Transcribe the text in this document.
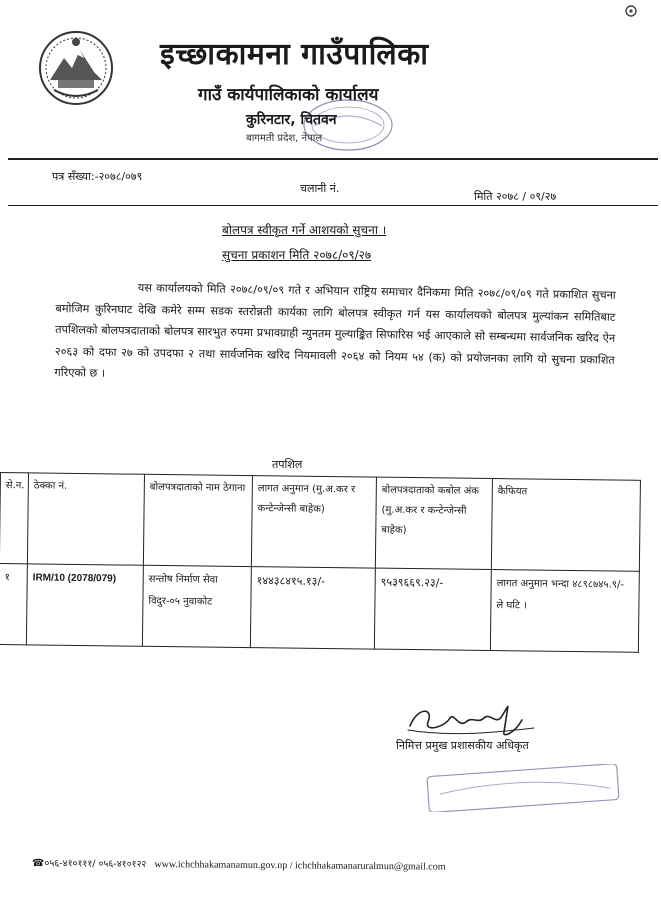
इच्छाकामना गाउँपालिका
गाउँ कार्यपालिकाको कार्यालय
कुरिनटार, चितवन
बागमती प्रदेश, नेपाल
पत्र सँख्या:-२०७८/०७९
चलानी नं.
मिति २०७८ / ०९/२७
बोलपत्र स्वीकृत गर्ने आशयको सुचना ।
सुचना प्रकाशन मिति २०७८/०९/२७
यस कार्यालयको मिति २०७८/०९/०९ गते र अभियान राष्ट्रिय समाचार दैनिकमा मिति २०७८/०९/०९ गते प्रकाशित सुचना बमोजिम कुरिनघाट देखि कमेरे सम्म सडक स्तरोन्नती कार्यका लागि बोलपत्र स्वीकृत गर्न यस कार्यालयको बोलपत्र मुल्यांकन समितिबाट तपशिलको बोलपत्रदाताको बोलपत्र सारभुत रुपमा प्रभावग्राही न्युनतम मुल्याङ्कित सिफारिस भई आएकाले सो सम्बन्धमा सार्वजनिक खरिद ऐन २०६३ को दफा २७ को उपदफा २ तथा सार्वजनिक खरिद नियमावली २०६४ को नियम ५४ (क) को प्रयोजनका लागि यो सुचना प्रकाशित गरिएको छ ।
तपशिल
से.न.	ठेक्का नं.	बोलपत्रदाताको नाम ठेगाना	लागत अनुमान (मु.अ.कर र कन्टेन्जेन्सी बाहेक)	बोलपत्रदाताको कबोल अंक (मु.अ.कर र कन्टेन्जेन्सी बाहेक)	कैफियत
१	IRM/10 (2078/079)	सन्तोष निर्माण सेवा विदुर-०५ नुवाकोट	१४४३८४१५.१३/-	९५३९६६९.२३/-	लागत अनुमान भन्दा ४८९८७४५.९/- ले घटि ।
निमित्त प्रमुख प्रशासकीय अधिकृत
☎०५६-४१०१११/ ०५६-४१०१२२ www.ichchhakamanamun.gov.np / ichchhakamanaruralmun@gmail.com
